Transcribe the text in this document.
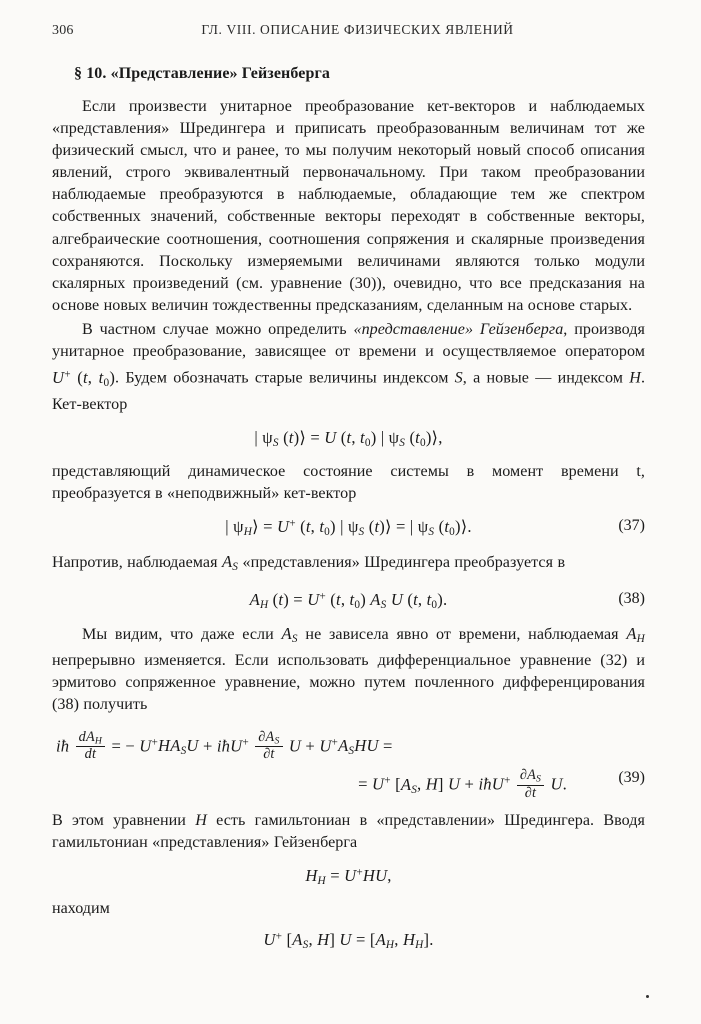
306	ГЛ. VIII. ОПИСАНИЕ ФИЗИЧЕСКИХ ЯВЛЕНИЙ
§ 10. «Представление» Гейзенберга

Если произвести унитарное преобразование кет-векторов и наблюдаемых «представления» Шредингера и приписать преобразованным величинам тот же физический смысл, что и ранее, то мы получим некоторый новый способ описания явлений, строго эквивалентный первоначальному. При таком преобразовании наблюдаемые преобразуются в наблюдаемые, обладающие тем же спектром собственных значений, собственные векторы переходят в собственные векторы, алгебраические соотношения, соотношения сопряжения и скалярные произведения сохраняются. Поскольку измеряемыми величинами являются только модули скалярных произведений (см. уравнение (30)), очевидно, что все предсказания на основе новых величин тождественны предсказаниям, сделанным на основе старых.

В частном случае можно определить «представление» Гейзенберга, производя унитарное преобразование, зависящее от времени и осуществляемое оператором U+ (t, $t_0$). Будем обозначать старые величины индексом S, а новые — индексом H. Кет-вектор

| $\psi_S$ (t)⟩ = U (t, $t_0$) | $\psi_S$ $(t_0)⟩$,

представляющий динамическое состояние системы в момент времени t, преобразуется в «неподвижный» кет-вектор

| $\psi_H⟩ = U^+$ (t, $t_0$) | $\psi_S$ (t)⟩ = | $\psi_S$ $(t_0)⟩$.	(37)

Напротив, наблюдаемая $A_S$ «представления» Шредингера преобразуется в

$A_H$ (t) = U+ (t, $t_0$) $A_S$ U (t, $t_0$).	(38)

Мы видим, что даже если $A_S$ не зависела явно от времени, наблюдаемая $A_H$ непрерывно изменяется. Если использовать дифференциальное уравнение (32) и эрмитово сопряженное уравнение, можно путем почленного дифференцирования (38) получить

iħ $\frac{dA_H}{dt}$ = − $U^+HA_SU$ + iħU+ $\frac{\partial A_S}{\partial t}$ $U + U^+A_SHU$ =
= U+ [$A_S$, H] U + iħU+ $\frac{\partial A_S}{\partial t} U$.	(39)

В этом уравнении H есть гамильтониан в «представлении» Шредингера. Вводя гамильтониан «представления» Гейзенберга

$H_H = U^+HU$,

находим

U+ [$A_S$, H] $U = [A_H$, $H_H$].
